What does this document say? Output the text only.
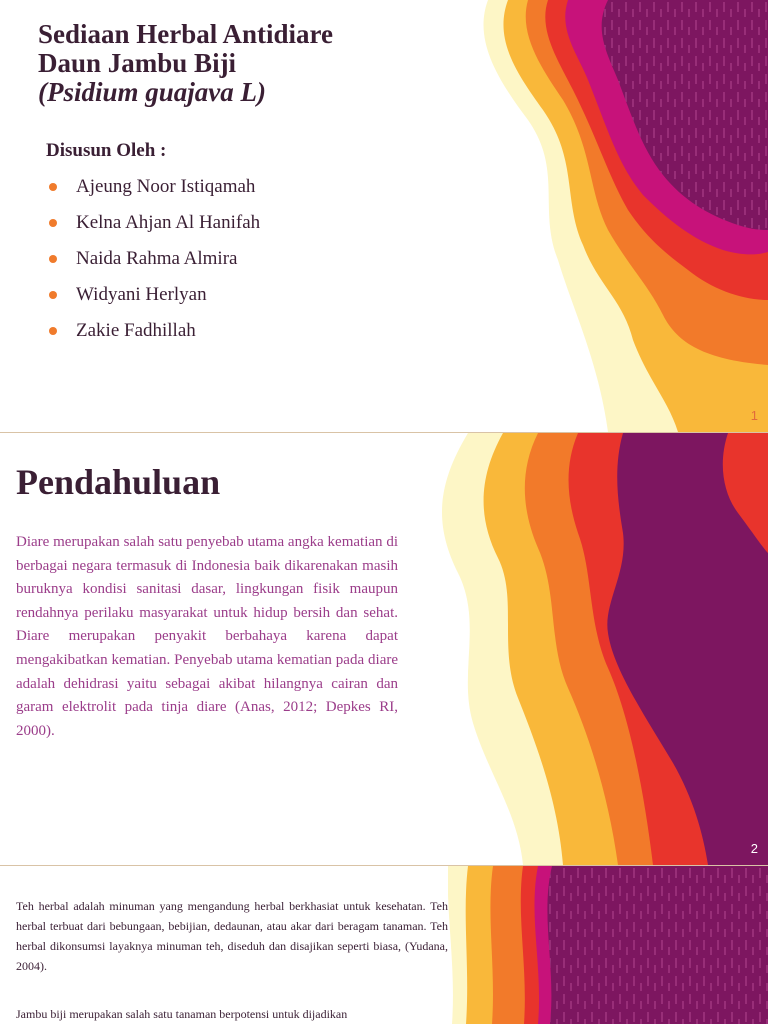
Sediaan Herbal Antidiare
Daun Jambu Biji
(Psidium guajava L)
Disusun Oleh :
Ajeung Noor Istiqamah
Kelna Ahjan Al Hanifah
Naida Rahma Almira
Widyani Herlyan
Zakie Fadhillah
1
Pendahuluan

Diare merupakan salah satu penyebab utama angka kematian di berbagai negara termasuk di Indonesia baik dikarenakan masih buruknya kondisi sanitasi dasar, lingkungan fisik maupun rendahnya perilaku masyarakat untuk hidup bersih dan sehat. Diare merupakan penyakit berbahaya karena dapat mengakibatkan kematian. Penyebab utama kematian pada diare adalah dehidrasi yaitu sebagai akibat hilangnya cairan dan garam elektrolit pada tinja diare (Anas, 2012; Depkes RI, 2000).

2

Teh herbal adalah minuman yang mengandung herbal berkhasiat untuk kesehatan. Teh herbal terbuat dari bebungaan, bebijian, dedaunan, atau akar dari beragam tanaman. Teh herbal dikonsumsi layaknya minuman teh, diseduh dan disajikan seperti biasa, (Yudana, 2004).

Jambu biji merupakan salah satu tanaman berpotensi untuk dijadikan
